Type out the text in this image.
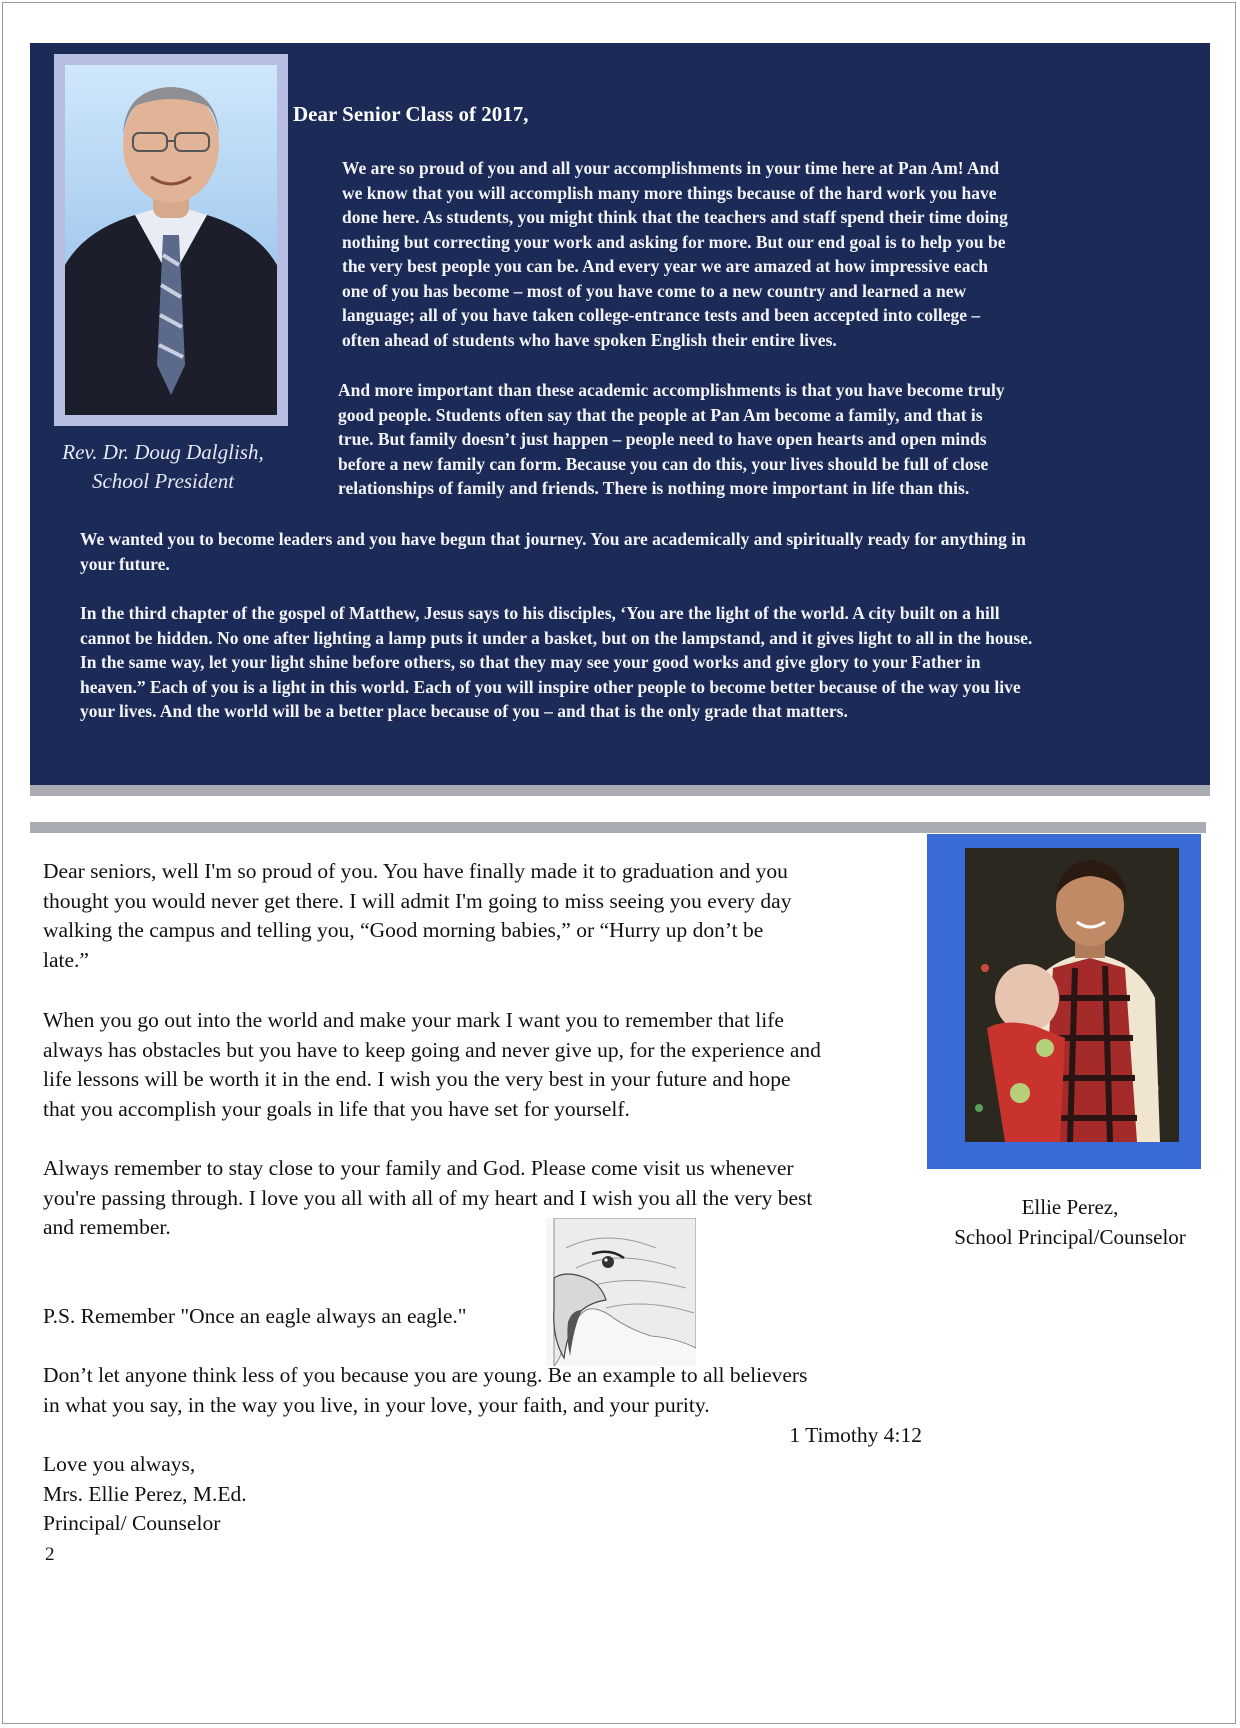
Rev. Dr. Doug Dalglish,
School President
Dear Senior Class of 2017,
We are so proud of you and all your accomplishments in your time here at Pan Am! And
we know that you will accomplish many more things because of the hard work you have
done here. As students, you might think that the teachers and staff spend their time doing
nothing but correcting your work and asking for more. But our end goal is to help you be
the very best people you can be. And every year we are amazed at how impressive each
one of you has become – most of you have come to a new country and learned a new
language; all of you have taken college-entrance tests and been accepted into college –
often ahead of students who have spoken English their entire lives.
And more important than these academic accomplishments is that you have become truly
good people. Students often say that the people at Pan Am become a family, and that is
true. But family doesn’t just happen – people need to have open hearts and open minds
before a new family can form. Because you can do this, your lives should be full of close
relationships of family and friends. There is nothing more important in life than this.
We wanted you to become leaders and you have begun that journey. You are academically and spiritually ready for anything in
your future.
In the third chapter of the gospel of Matthew, Jesus says to his disciples, ‘You are the light of the world. A city built on a hill
cannot be hidden. No one after lighting a lamp puts it under a basket, but on the lampstand, and it gives light to all in the house.
In the same way, let your light shine before others, so that they may see your good works and give glory to your Father in
heaven.” Each of you is a light in this world. Each of you will inspire other people to become better because of the way you live
your lives. And the world will be a better place because of you – and that is the only grade that matters.
Ellie Perez,
School Principal/Counselor
Dear seniors, well I'm so proud of you. You have finally made it to graduation and you
thought you would never get there. I will admit I'm going to miss seeing you every day
walking the campus and telling you, “Good morning babies,” or “Hurry up don’t be
late.”
When you go out into the world and make your mark I want you to remember that life
always has obstacles but you have to keep going and never give up, for the experience and
life lessons will be worth it in the end. I wish you the very best in your future and hope
that you accomplish your goals in life that you have set for yourself.
Always remember to stay close to your family and God. Please come visit us whenever
you're passing through. I love you all with all of my heart and I wish you all the very best
and remember.
P.S. Remember "Once an eagle always an eagle."
Don’t let anyone think less of you because you are young. Be an example to all believers
in what you say, in the way you live, in your love, your faith, and your purity.
1 Timothy 4:12
Love you always,
Mrs. Ellie Perez, M.Ed.
Principal/ Counselor
2
